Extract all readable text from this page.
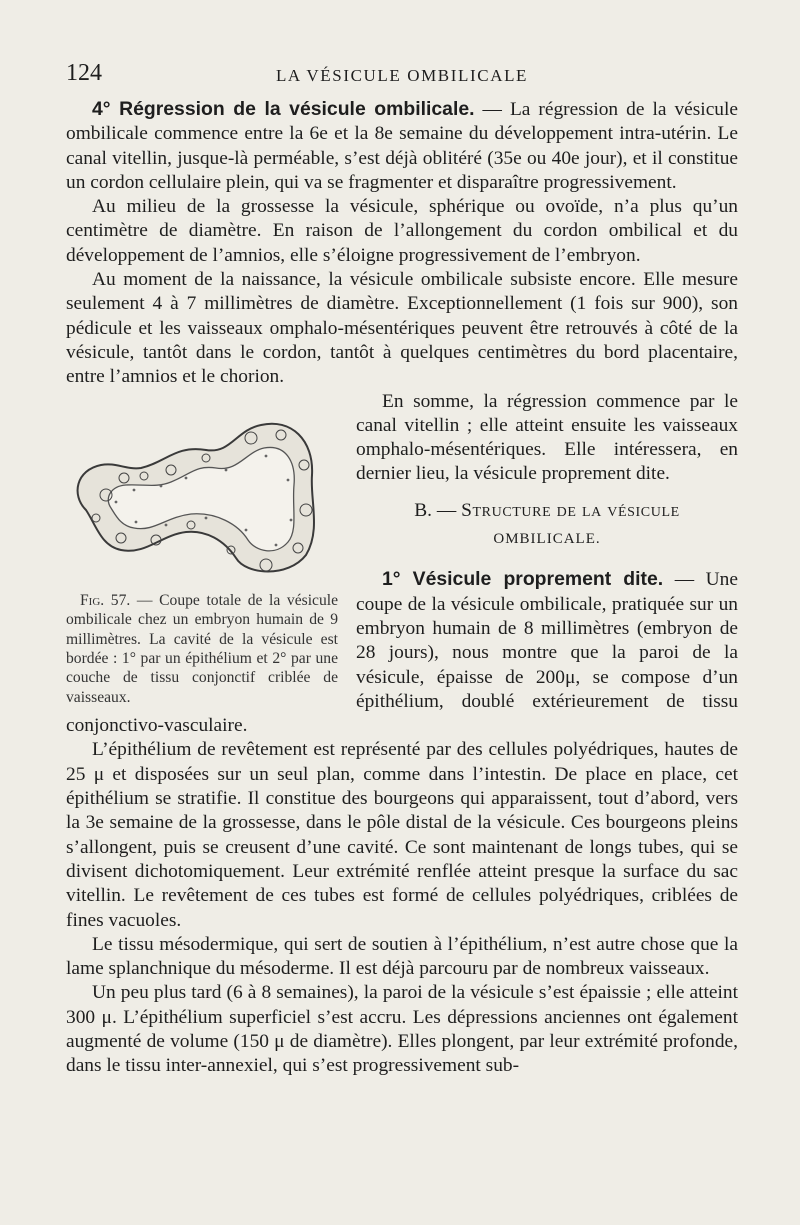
124	LA VÉSICULE OMBILICALE

4° Régression de la vésicule ombilicale. — La régression de la vésicule ombilicale commence entre la 6e et la 8e semaine du développement intra-utérin. Le canal vitellin, jusque-là perméable, s’est déjà oblitéré (35e ou 40e jour), et il constitue un cordon cellulaire plein, qui va se fragmenter et disparaître progressivement.

Au milieu de la grossesse la vésicule, sphérique ou ovoïde, n’a plus qu’un centimètre de diamètre. En raison de l’allongement du cordon ombilical et du développement de l’amnios, elle s’éloigne progressivement de l’embryon.

Au moment de la naissance, la vésicule ombilicale subsiste encore. Elle mesure seulement 4 à 7 millimètres de diamètre. Exceptionnellement (1 fois sur 900), son pédicule et les vaisseaux omphalo-mésentériques peuvent être retrouvés à côté de la vésicule, tantôt dans le cordon, tantôt à quelques centimètres du bord placentaire, entre l’amnios et le chorion.

Fig. 57. — Coupe totale de la vésicule ombilicale chez un embryon humain de 9 millimètres. La cavité de la vésicule est bordée : 1° par un épithélium et 2° par une couche de tissu conjonctif criblée de vaisseaux.

En somme, la régression commence par le canal vitellin ; elle atteint ensuite les vaisseaux omphalo-mésentériques. Elle intéressera, en dernier lieu, la vésicule proprement dite.

B. — Structure de la vésicule
OMBILICALE.

1° Vésicule proprement dite. — Une coupe de la vésicule ombilicale, pratiquée sur un embryon humain de 8 millimètres (embryon de 28 jours), nous montre que la paroi de la vésicule, épaisse de 200μ, se compose d’un épithélium, doublé extérieurement de tissu conjonctivo-vasculaire.

L’épithélium de revêtement est représenté par des cellules polyédriques, hautes de 25 μ et disposées sur un seul plan, comme dans l’intestin. De place en place, cet épithélium se stratifie. Il constitue des bourgeons qui apparaissent, tout d’abord, vers la 3e semaine de la grossesse, dans le pôle distal de la vésicule. Ces bourgeons pleins s’allongent, puis se creusent d’une cavité. Ce sont maintenant de longs tubes, qui se divisent dichotomiquement. Leur extrémité renflée atteint presque la surface du sac vitellin. Le revêtement de ces tubes est formé de cellules polyédriques, criblées de fines vacuoles.

Le tissu mésodermique, qui sert de soutien à l’épithélium, n’est autre chose que la lame splanchnique du mésoderme. Il est déjà parcouru par de nombreux vaisseaux.

Un peu plus tard (6 à 8 semaines), la paroi de la vésicule s’est épaissie ; elle atteint 300 μ. L’épithélium superficiel s’est accru. Les dépressions anciennes ont également augmenté de volume (150 μ de diamètre). Elles plongent, par leur extrémité profonde, dans le tissu inter-annexiel, qui s’est progressivement sub-
